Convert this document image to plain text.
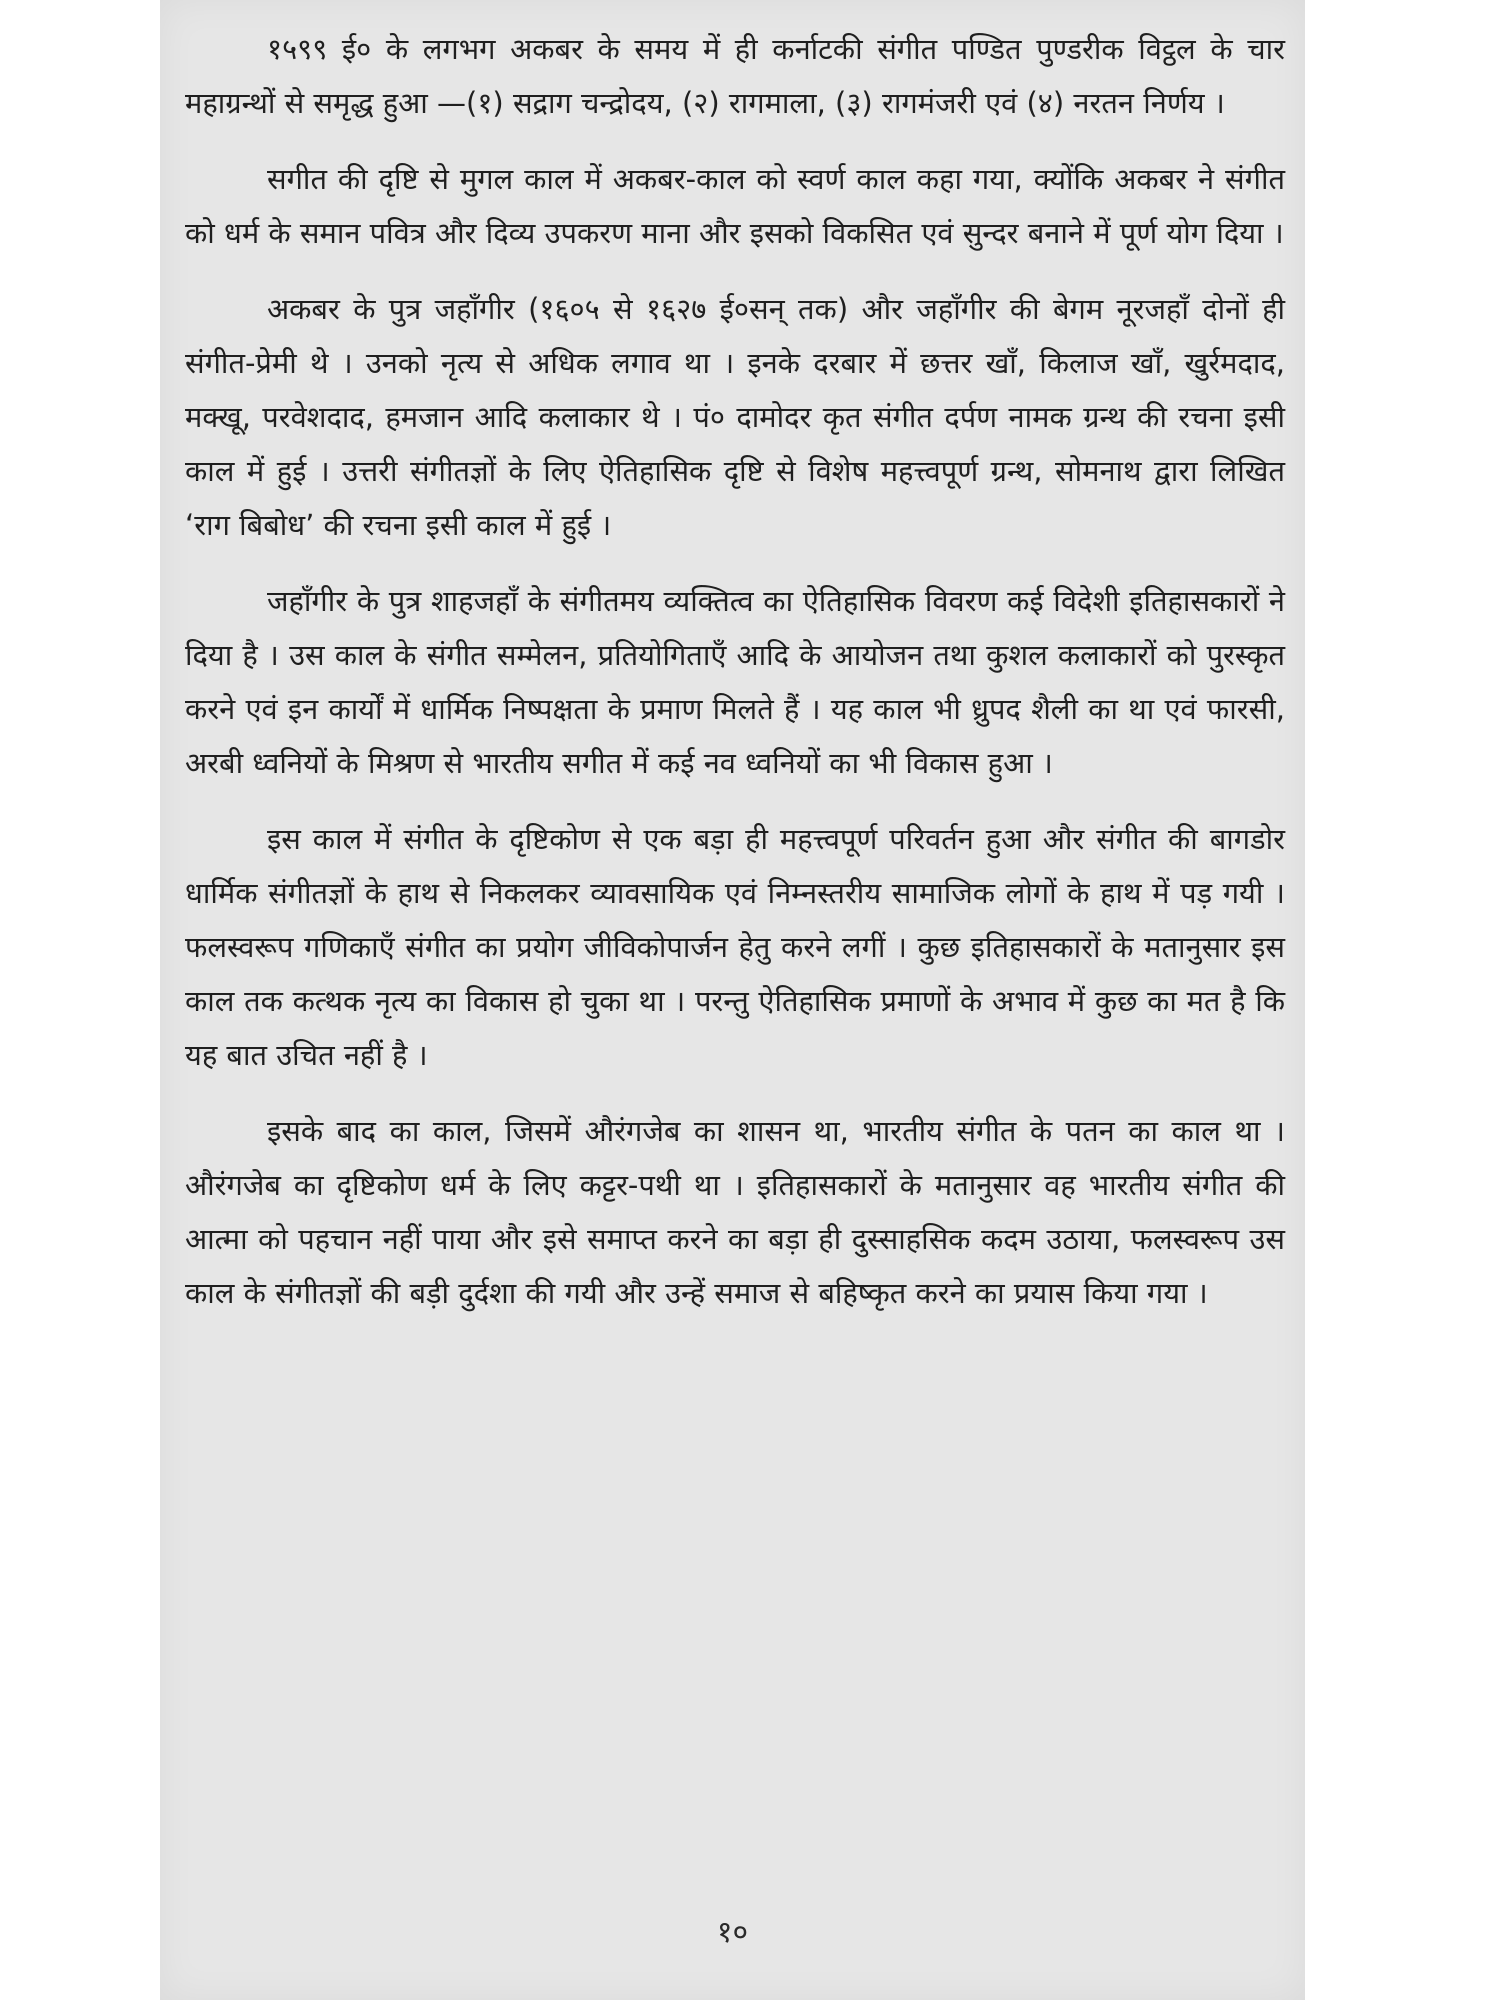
१५९९ ई० के लगभग अकबर के समय में ही कर्नाटकी संगीत पण्डित पुण्डरीक विट्ठल के चार महाग्रन्थों से समृद्ध हुआ —(१) सद्राग चन्द्रोदय, (२) रागमाला, (३) रागमंजरी एवं (४) नरतन निर्णय ।

सगीत की दृष्टि से मुगल काल में अकबर-काल को स्वर्ण काल कहा गया, क्योंकि अकबर ने संगीत को धर्म के समान पवित्र और दिव्य उपकरण माना और इसको विकसित एवं सुन्दर बनाने में पूर्ण योग दिया ।

अकबर के पुत्र जहाँगीर (१६०५ से १६२७ ई०सन् तक) और जहाँगीर की बेगम नूरजहाँ दोनों ही संगीत-प्रेमी थे । उनको नृत्य से अधिक लगाव था । इनके दरबार में छत्तर खाँ, किलाज खाँ, खुर्रमदाद, मक्खू, परवेशदाद, हमजान आदि कलाकार थे । पं० दामोदर कृत संगीत दर्पण नामक ग्रन्थ की रचना इसी काल में हुई । उत्तरी संगीतज्ञों के लिए ऐतिहासिक दृष्टि से विशेष महत्त्वपूर्ण ग्रन्थ, सोमनाथ द्वारा लिखित ‘राग बिबोध’ की रचना इसी काल में हुई ।

जहाँगीर के पुत्र शाहजहाँ के संगीतमय व्यक्तित्व का ऐतिहासिक विवरण कई विदेशी इतिहासकारों ने दिया है । उस काल के संगीत सम्मेलन, प्रतियोगिताएँ आदि के आयोजन तथा कुशल कलाकारों को पुरस्कृत करने एवं इन कार्यों में धार्मिक निष्पक्षता के प्रमाण मिलते हैं । यह काल भी ध्रुपद शैली का था एवं फारसी, अरबी ध्वनियों के मिश्रण से भारतीय सगीत में कई नव ध्वनियों का भी विकास हुआ ।

इस काल में संगीत के दृष्टिकोण से एक बड़ा ही महत्त्वपूर्ण परिवर्तन हुआ और संगीत की बागडोर धार्मिक संगीतज्ञों के हाथ से निकलकर व्यावसायिक एवं निम्नस्तरीय सामाजिक लोगों के हाथ में पड़ गयी । फलस्वरूप गणिकाएँ संगीत का प्रयोग जीविकोपार्जन हेतु करने लगीं । कुछ इतिहासकारों के मतानुसार इस काल तक कत्थक नृत्य का विकास हो चुका था । परन्तु ऐतिहासिक प्रमाणों के अभाव में कुछ का मत है कि यह बात उचित नहीं है ।

इसके बाद का काल, जिसमें औरंगजेब का शासन था, भारतीय संगीत के पतन का काल था । औरंगजेब का दृष्टिकोण धर्म के लिए कट्टर-पथी था । इतिहासकारों के मतानुसार वह भारतीय संगीत की आत्मा को पहचान नहीं पाया और इसे समाप्त करने का बड़ा ही दुस्साहसिक कदम उठाया, फलस्वरूप उस काल के संगीतज्ञों की बड़ी दुर्दशा की गयी और उन्हें समाज से बहिष्कृत करने का प्रयास किया गया ।

१०
